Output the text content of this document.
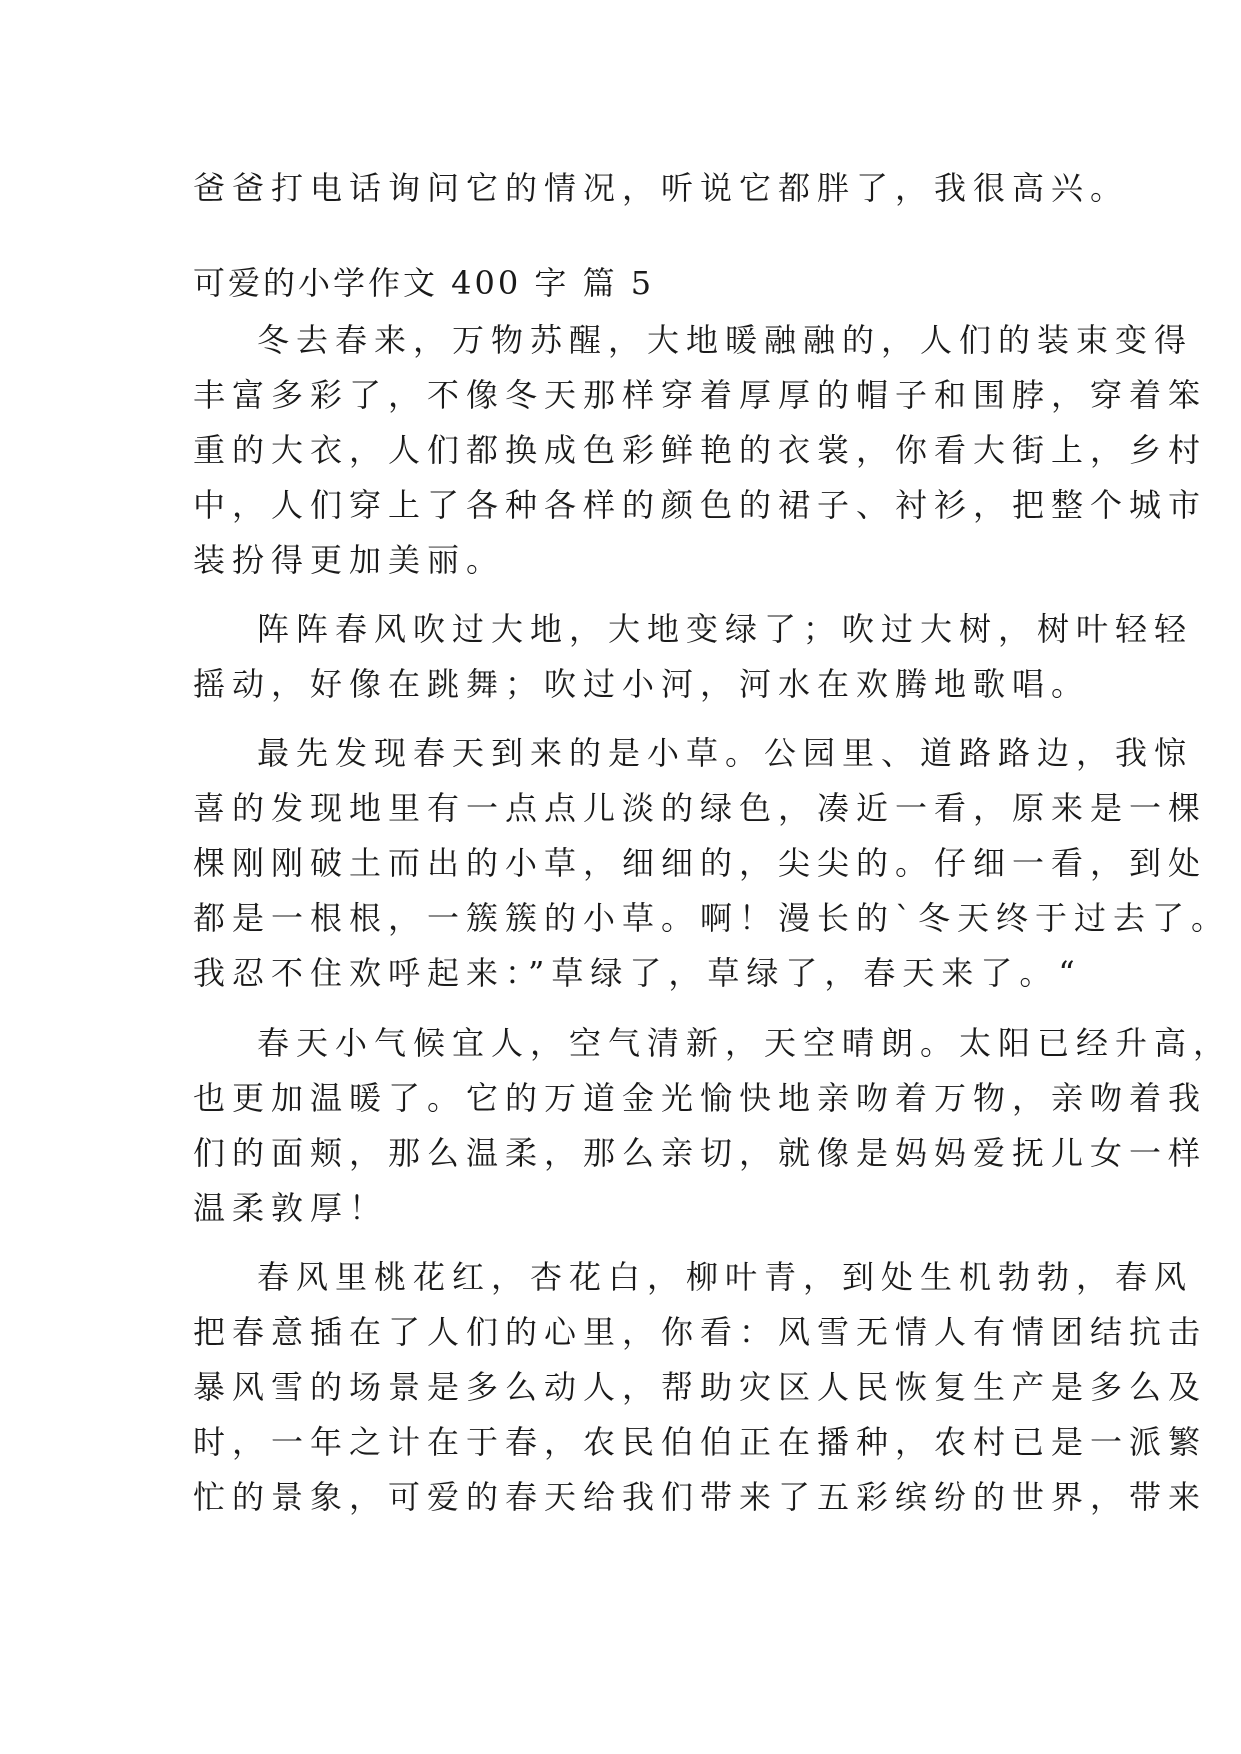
爸爸打电话询问它的情况，听说它都胖了，我很高兴。
可爱的小学作文 400 字 篇 5
冬去春来，万物苏醒，大地暖融融的，人们的装束变得
丰富多彩了，不像冬天那样穿着厚厚的帽子和围脖，穿着笨
重的大衣，人们都换成色彩鲜艳的衣裳，你看大街上，乡村
中，人们穿上了各种各样的颜色的裙子、衬衫，把整个城市
装扮得更加美丽。
阵阵春风吹过大地，大地变绿了；吹过大树，树叶轻轻
摇动，好像在跳舞；吹过小河，河水在欢腾地歌唱。
最先发现春天到来的是小草。公园里、道路路边，我惊
喜的发现地里有一点点儿淡的绿色，凑近一看，原来是一棵
棵刚刚破土而出的小草，细细的，尖尖的。仔细一看，到处
都是一根根，一簇簇的小草。啊！漫长的`冬天终于过去了。
我忍不住欢呼起来：”草绿了，草绿了，春天来了。“
春天小气候宜人，空气清新，天空晴朗。太阳已经升高，
也更加温暖了。它的万道金光愉快地亲吻着万物，亲吻着我
们的面颊，那么温柔，那么亲切，就像是妈妈爱抚儿女一样
温柔敦厚！
春风里桃花红，杏花白，柳叶青，到处生机勃勃，春风
把春意插在了人们的心里，你看：风雪无情人有情团结抗击
暴风雪的场景是多么动人，帮助灾区人民恢复生产是多么及
时，一年之计在于春，农民伯伯正在播种，农村已是一派繁
忙的景象，可爱的春天给我们带来了五彩缤纷的世界，带来
